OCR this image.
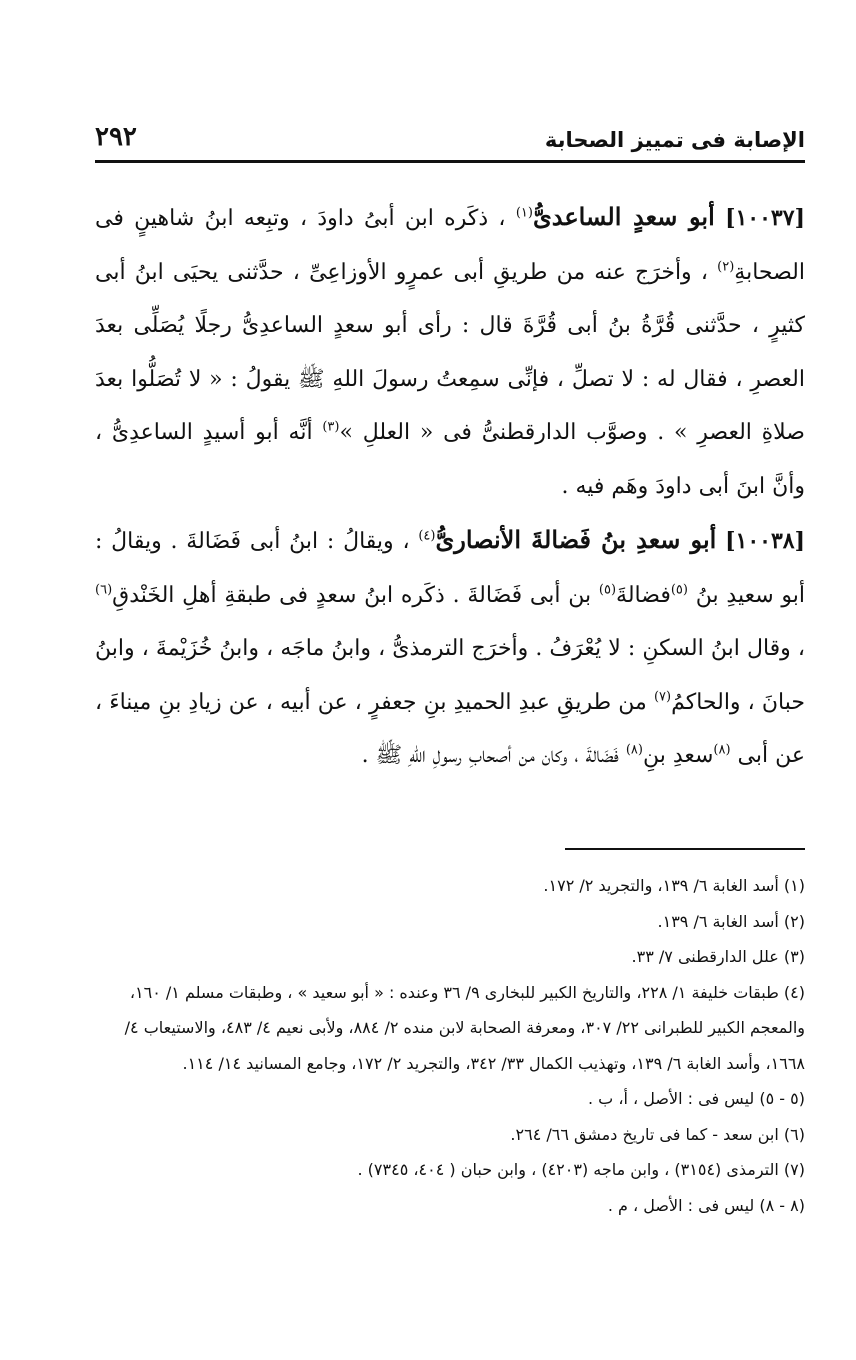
٢٩٢	الإصابة فى تمييز الصحابة

[١٠٠٣٧] أبو سعدٍ الساعدىُّ$^{(١)}$ ، ذكَره ابن أبىُ داودَ ، وتبِعه ابنُ شاهينٍ فى الصحابةِ$^{(٢)}$ ، وأخرَج عنه من طريقِ أبى عمرٍو الأوزاعِىِّ ، حدَّثنى يحيَى ابنُ أبى كثيرٍ ، حدَّثنى قُرَّةُ بنُ أبى قُرَّةَ قال : رأى أبو سعدٍ الساعدِىُّ رجلًا يُصَلِّى بعدَ العصرِ ، فقال له : لا تصلِّ ، فإنِّى سمِعتُ رسولَ اللهِ ﷺ يقولُ : « لا تُصَلُّوا بعدَ صلاةِ العصرِ » . وصوَّب الدارقطنىُّ فى « العللِ »$^{(٣)}$ أنَّه أبو أسيدٍ الساعدِىُّ ، وأنَّ ابنَ أبى داودَ وهَم فيه .

[١٠٠٣٨] أبو سعدِ بنُ فَضالةَ الأنصارىُّ$^{(٤)}$ ، ويقالُ : ابنُ أبى فَضَالةَ . ويقالُ : أبو سعيدِ بنُ $^{(٥)}$فضالةَ$^{(٥)}$ بن أبى فَضَالةَ . ذكَره ابنُ سعدٍ فى طبقةِ أهلِ الخَنْدقِ$^{(٦)}$ ، وقال ابنُ السكنِ : لا يُعْرَفُ . وأخرَج الترمذىُّ ، وابنُ ماجَه ، وابنُ خُزَيْمةَ ، وابنُ حبانَ ، والحاكمُ$^{(٧)}$ من طريقِ عبدِ الحميدِ بنِ جعفرٍ ، عن أبيه ، عن زيادِ بنِ ميناءَ ، عن أبى $^{(٨)}$سعدِ بنِ$^{(٨)}$ فَضَالةَ ، وكان من أصحابِ رسولِ اللهِ ﷺ .

(١) أسد الغابة ٦/ ١٣٩، والتجريد ٢/ ١٧٢.

(٢) أسد الغابة ٦/ ١٣٩.

(٣) علل الدارقطنى ٧/ ٣٣.

(٤) طبقات خليفة ١/ ٢٢٨، والتاريخ الكبير للبخارى ٩/ ٣٦ وعنده : « أبو سعيد » ، وطبقات مسلم ١/ ١٦٠، والمعجم الكبير للطبرانى ٢٢/ ٣٠٧، ومعرفة الصحابة لابن منده ٢/ ٨٨٤، ولأبى نعيم ٤/ ٤٨٣، والاستيعاب ٤/ ١٦٦٨، وأسد الغابة ٦/ ١٣٩، وتهذيب الكمال ٣٣/ ٣٤٢، والتجريد ٢/ ١٧٢، وجامع المسانيد ١٤/ ١١٤.

(٥ - ٥) ليس فى : الأصل ، أ، ب .

(٦) ابن سعد - كما فى تاريخ دمشق ٦٦/ ٢٦٤.

(٧) الترمذى (٣١٥٤) ، وابن ماجه (٤٢٠٣) ، وابن حبان ( ٤٠٤، ٧٣٤٥) .

(٨ - ٨) ليس فى : الأصل ، م .
